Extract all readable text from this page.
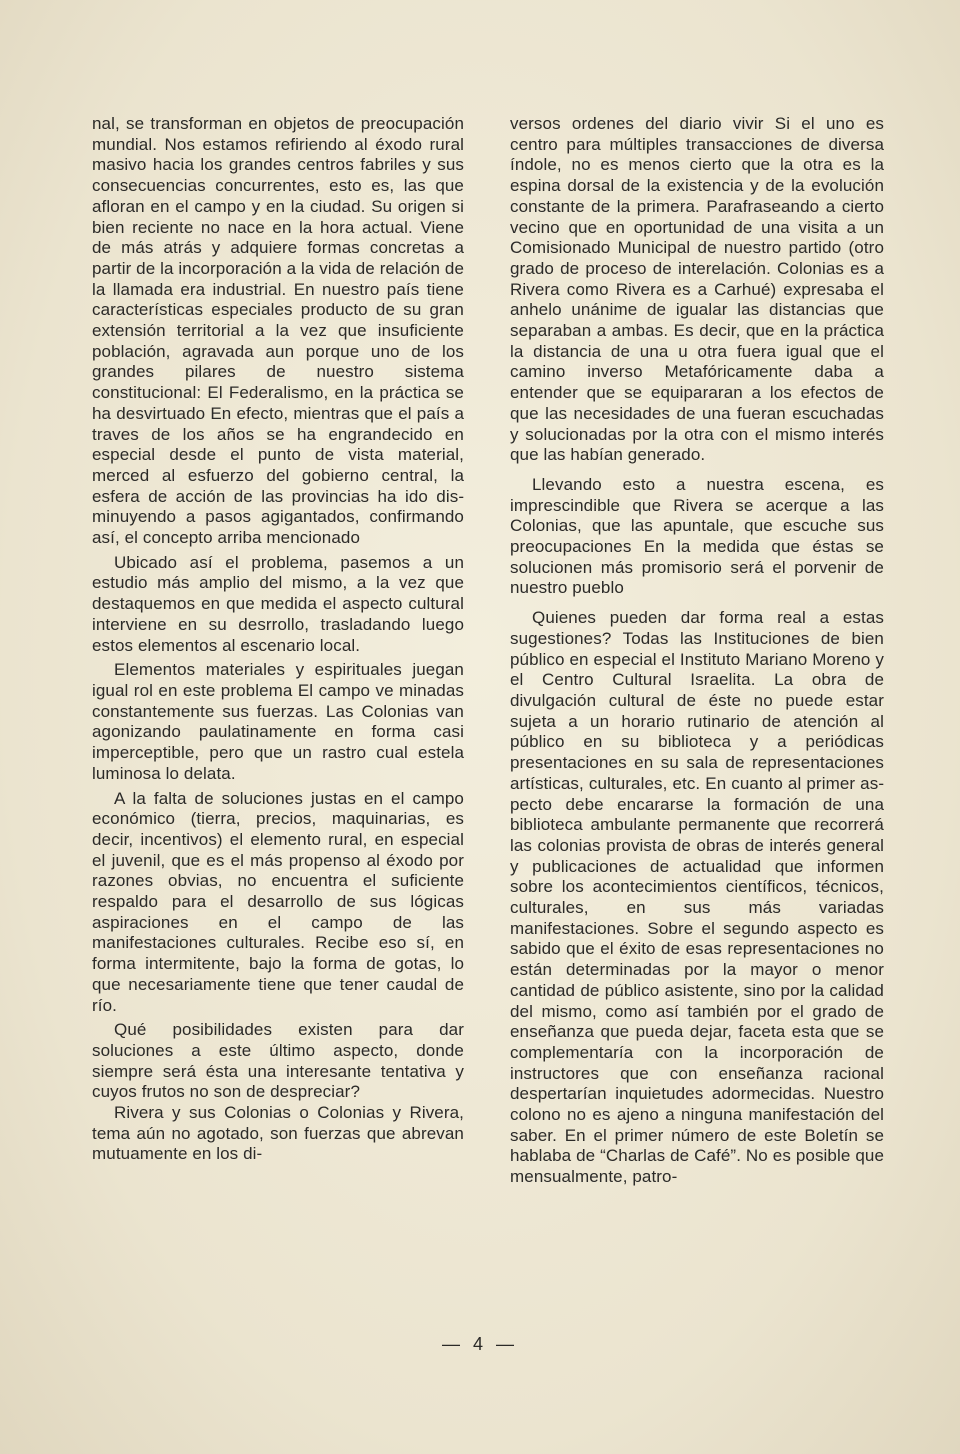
nal, se transforman en objetos de preocupación mundial. Nos estamos refiriendo al éxodo rural masivo hacia los grandes centros fabriles y sus consecuencias concurrentes, esto es, las que afloran en el campo y en la ciudad. Su origen si bien reciente no nace en la hora actual. Viene de más atrás y adquiere formas concretas a partir de la incorporación a la vida de relación de la llamada era industrial. En nuestro país tiene características especiales producto de su gran extensión territorial a la vez que insuficiente población, agravada aun porque uno de los grandes pilares de nuestro sistema constitucional: El Federalismo, en la práctica se ha desvirtuado En efecto, mientras que el país a traves de los años se ha engrandecido en especial desde el punto de vista material, merced al esfuerzo del gobierno central, la esfera de acción de las provincias ha ido disminuyendo a pasos agigantados, confirmando así, el concepto arriba mencionado

Ubicado así el problema, pasemos a un estudio más amplio del mismo, a la vez que destaquemos en que medida el aspecto cultural interviene en su desrrollo, trasladando luego estos elementos al escenario local.

Elementos materiales y espirituales juegan igual rol en este problema El campo ve minadas constantemente sus fuerzas. Las Colonias van agonizando paulatinamente en forma casi imperceptible, pero que un rastro cual estela luminosa lo delata.

A la falta de soluciones justas en el campo económico (tierra, precios, maquinarias, es decir, incentivos) el elemento rural, en especial el juvenil, que es el más propenso al éxodo por razones obvias, no encuentra el suficiente respaldo para el desarrollo de sus lógicas aspiraciones en el campo de las manifestaciones culturales. Recibe eso sí, en forma intermitente, bajo la forma de gotas, lo que necesariamente tiene que tener caudal de río.

Qué posibilidades existen para dar soluciones a este último aspecto, donde siempre será ésta una interesante tentativa y cuyos frutos no son de despreciar?

Rivera y sus Colonias o Colonias y Rivera, tema aún no agotado, son fuerzas que abrevan mutuamente en los di-

versos ordenes del diario vivir Si el uno es centro para múltiples transacciones de diversa índole, no es menos cierto que la otra es la espina dorsal de la existencia y de la evolución constante de la primera. Parafraseando a cierto vecino que en oportunidad de una visita a un Comisionado Municipal de nuestro partido (otro grado de proceso de interelación. Colonias es a Rivera como Rivera es a Carhué) expresaba el anhelo unánime de igualar las distancias que separaban a ambas. Es decir, que en la práctica la distancia de una u otra fuera igual que el camino inverso Metafóricamente daba a entender que se equipararan a los efectos de que las necesidades de una fueran escuchadas y solucionadas por la otra con el mismo interés que las habían generado.

Llevando esto a nuestra escena, es imprescindible que Rivera se acerque a las Colonias, que las apuntale, que escuche sus preocupaciones En la medida que éstas se solucionen más promisorio será el porvenir de nuestro pueblo

Quienes pueden dar forma real a estas sugestiones? Todas las Instituciones de bien público en especial el Instituto Mariano Moreno y el Centro Cultural Israelita. La obra de divulgación cultural de éste no puede estar sujeta a un horario rutinario de atención al público en su biblioteca y a periódicas presentaciones en su sala de representaciones artísticas, culturales, etc. En cuanto al primer aspecto debe encararse la formación de una biblioteca ambulante permanente que recorrerá las colonias provista de obras de interés general y publicaciones de actualidad que informen sobre los acontecimientos científicos, técnicos, culturales, en sus más variadas manifestaciones. Sobre el segundo aspecto es sabido que el éxito de esas representaciones no están determinadas por la mayor o menor cantidad de público asistente, sino por la calidad del mismo, como así también por el grado de enseñanza que pueda dejar, faceta esta que se complementaría con la incorporación de instructores que con enseñanza racional despertarían inquietudes adormecidas. Nuestro colono no es ajeno a ninguna manifestación del saber. En el primer número de este Boletín se hablaba de “Charlas de Café”. No es posible que mensualmente, patro-

— 4 —
